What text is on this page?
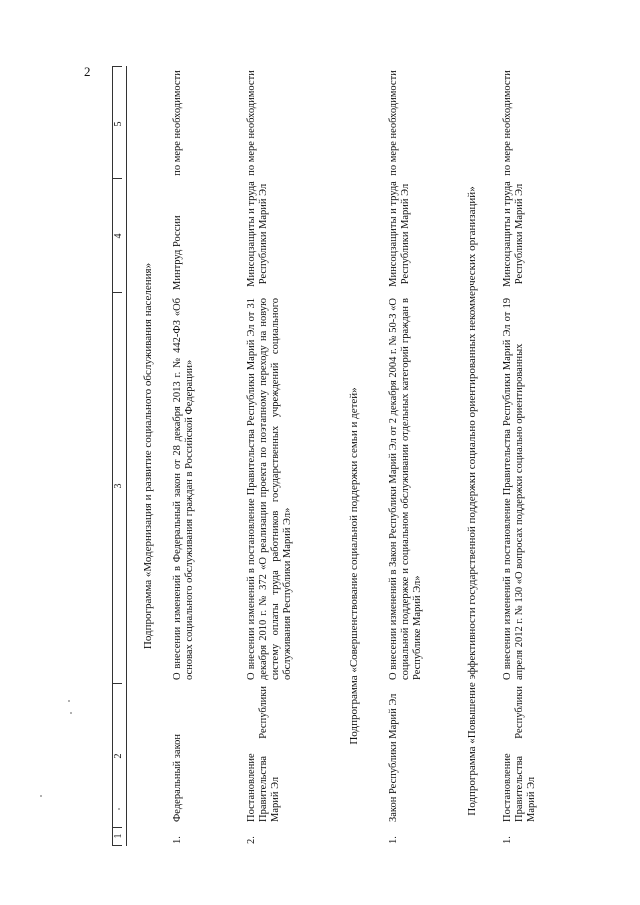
2
1
2
3
4
5
Подпрограмма «Модернизация и развитие социального обслуживания населения»
1.
Федеральный закон
О внесении изменений в Федеральный закон от 28 декабря 2013 г. № 442-ФЗ «Об основах социального обслуживания граждан в Российской Федерации»
Минтруд России
по мере необходимости
2.
Постановление Правительства Республики Марий Эл
О внесении изменений в постановление Правительства Республики Марий Эл от 31 декабря 2010 г. № 372 «О реализации проекта по поэтапному переходу на новую систему оплаты труда работников государственных учреждений социального обслуживания Республики Марий Эл»
Минсоцзащиты и труда Республики Марий Эл
по мере необходимости
Подпрограмма «Совершенствование социальной поддержки семьи и детей»
1.
Закон Республики Марий Эл
О внесении изменений в Закон Республики Марий Эл от 2 декабря 2004 г. № 50-З «О социальной поддержке и социальном обслуживании отдельных категорий граждан в Республике Марий Эл»
Минсоцзащиты и труда Республики Марий Эл
по мере необходимости
Подпрограмма «Повышение эффективности государственной поддержки социально ориентированных некоммерческих организаций»
1.
Постановление Правительства Республики Марий Эл
О внесении изменений в постановление Правительства Республики Марий Эл от 19 апреля 2012 г. № 130 «О вопросах поддержки социально ориентированных
Минсоцзащиты и труда Республики Марий Эл
по мере необходимости
